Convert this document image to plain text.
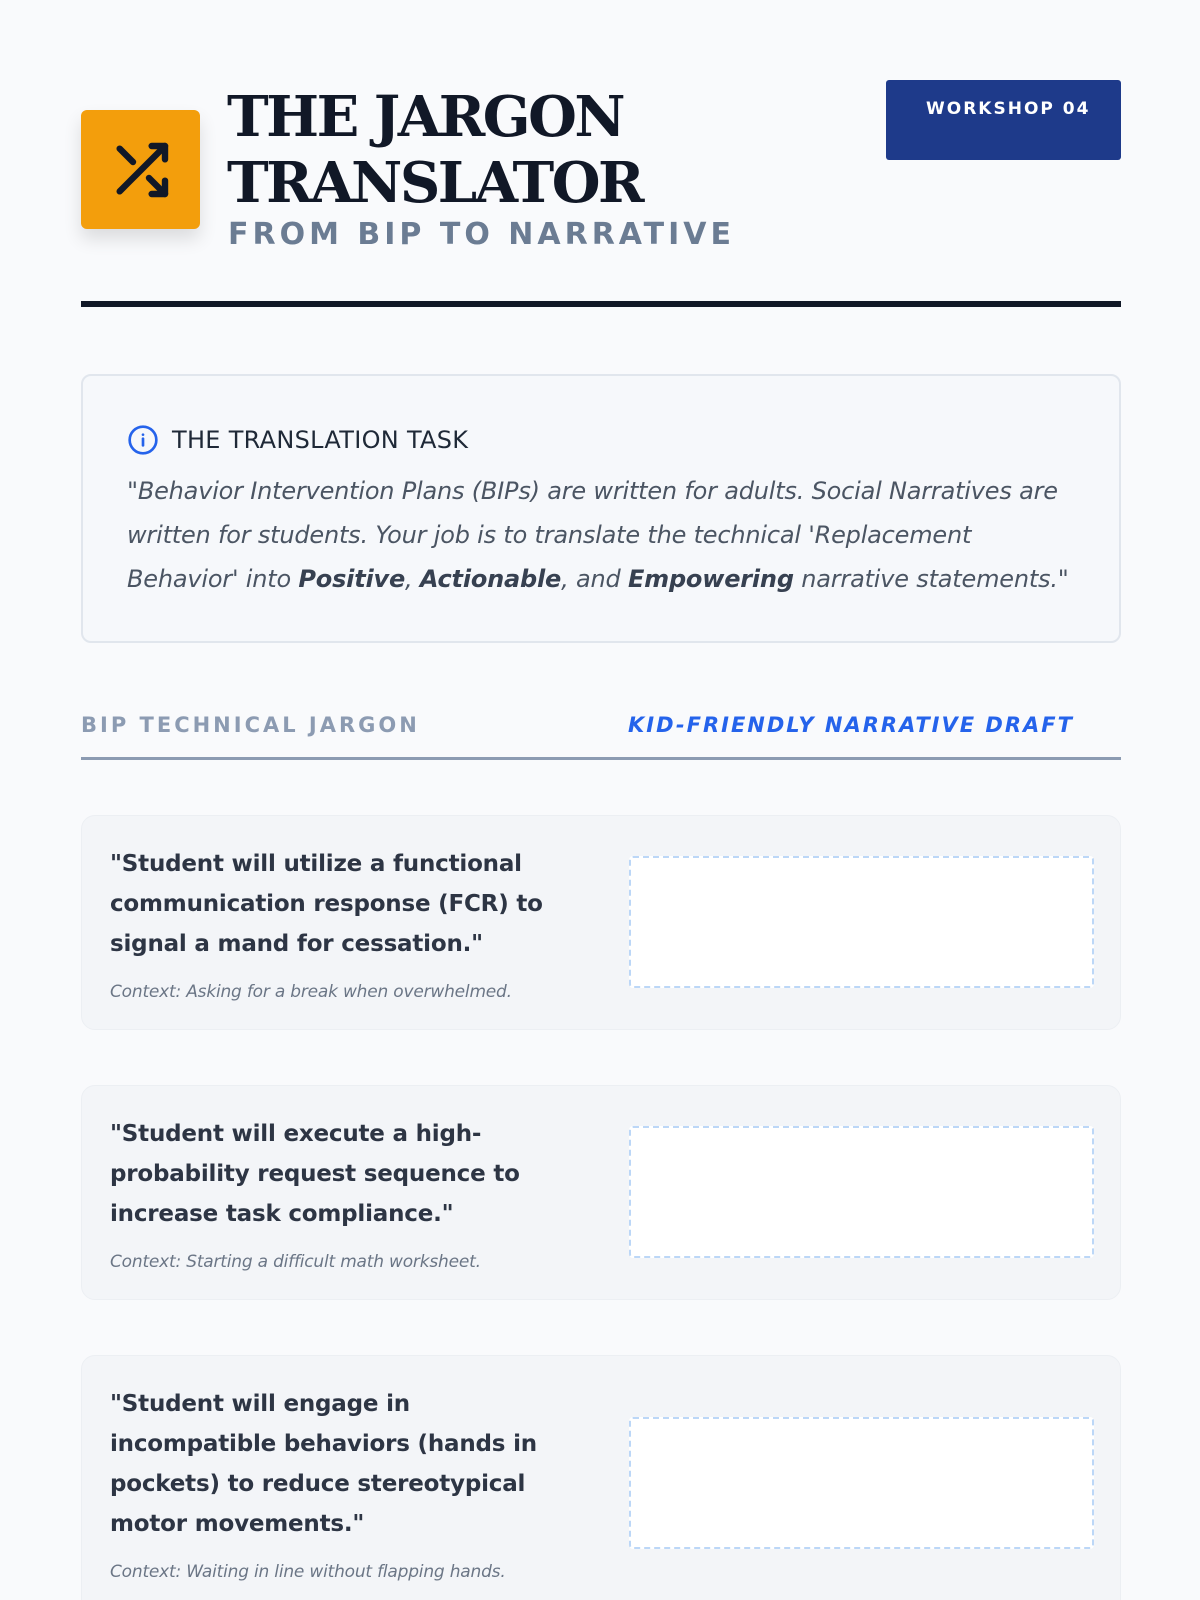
THE JARGON TRANSLATOR
FROM BIP TO NARRATIVE
WORKSHOP 04
THE TRANSLATION TASK

"Behavior Intervention Plans (BIPs) are written for adults. Social Narratives are written for students. Your job is to translate the technical 'Replacement Behavior' into Positive, Actionable, and Empowering narrative statements."

BIP TECHNICAL JARGON	KID-FRIENDLY NARRATIVE DRAFT
"Student will utilize a functional communication response (FCR) to signal a mand for cessation."
Context: Asking for a break when overwhelmed.
"Student will execute a high-probability request sequence to increase task compliance."
Context: Starting a difficult math worksheet.
"Student will engage in incompatible behaviors (hands in pockets) to reduce stereotypical motor movements."
Context: Waiting in line without flapping hands.
